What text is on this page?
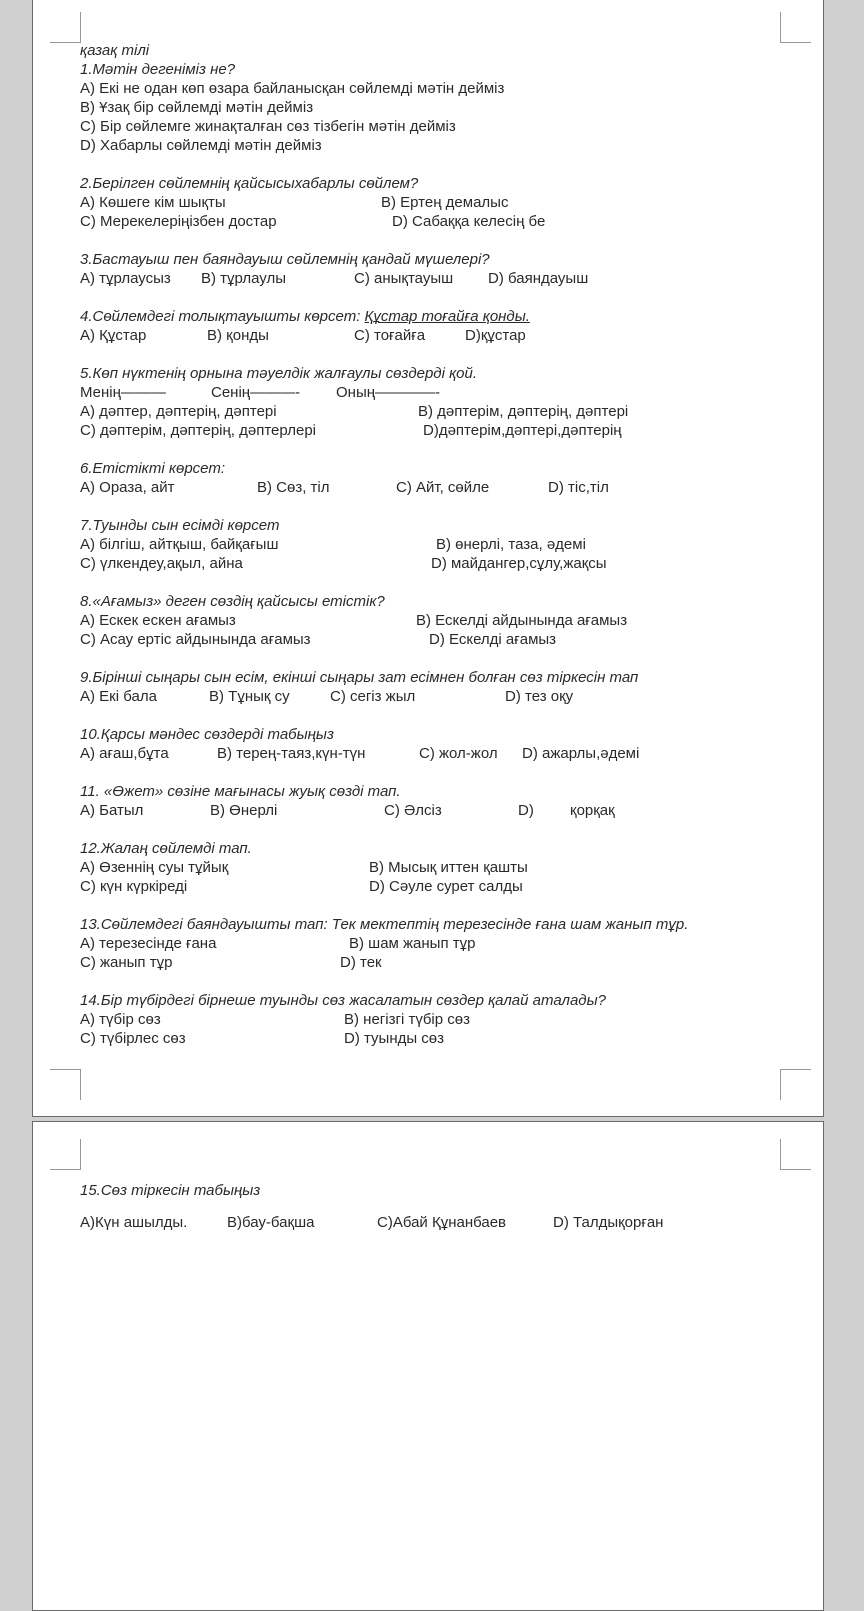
қазақ тілі
1.Мәтін дегеніміз не?
А) Екі не одан көп өзара байланысқан сөйлемді мәтін дейміз
В) Ұзақ бір сөйлемді мәтін дейміз
С) Бір сөйлемге жинақталған сөз тізбегін мәтін дейміз
D) Хабарлы сөйлемді мәтін дейміз
2.Берілген сөйлемнің қайсысыхабарлы сөйлем?
А) Көшеге кім шықты	В) Ертең демалыс
С) Мерекелеріңізбен достар	D) Сабаққа келесің бе
3.Бастауыш пен баяндауыш сөйлемнің қандай мүшелері?
А) тұрлаусыз В) тұрлаулы	С) анықтауыш D) баяндауыш
4.Сөйлемдегі толықтауышты көрсет: Құстар тоғайға қонды.
А) Құстар	В) қонды	С) тоғайға	D)құстар
5.Көп нүктенің орнына тәуелдік жалғаулы сөздерді қой.
Менің———	Сенің———- Оның————-
А) дәптер, дәптерің, дәптері	В) дәптерім, дәптерің, дәптері
С) дәптерім, дәптерің, дәптерлері	D)дәптерім,дәптері,дәптерің
6.Етістікті көрсет:
А) Ораза, айт	В) Сөз, тіл	С) Айт, сөйле	D) тіс,тіл
7.Туынды сын есімді көрсет
А) білгіш, айтқыш, байқағыш	В) өнерлі, таза, әдемі
С) үлкендеу,ақыл, айна	D) майдангер,сұлу,жақсы
8.«Ағамыз» деген сөздің қайсысы етістік?
А) Ескек ескен ағамыз	В) Ескелді айдынында ағамыз
С) Асау ертіс айдынында ағамыз	D) Ескелді ағамыз
9.Бірінші сыңары сын есім, екінші сыңары зат есімнен болған сөз тіркесін тап
А) Екі бала	В) Тұнық су	С) сегіз жыл	D) тез оқу
10.Қарсы мәндес сөздерді табыңыз
А) ағаш,бұта	В) терең-таяз,күн-түн	С) жол-жол D) ажарлы,әдемі
11. «Өжет» сөзіне мағынасы жуық сөзді тап.
А) Батыл	В) Өнерлі	С) Әлсіз	D) қорқақ
12.Жалаң сөйлемді тап.
А) Өзеннің суы тұйық	В) Мысық иттен қашты
С) күн күркіреді	D) Сәуле сурет салды
13.Сөйлемдегі баяндауышты тап: Тек мектептің терезесінде ғана шам жанып тұр.
А) терезесінде ғана	В) шам жанып тұр
С) жанып тұр	D) тек
14.Бір түбірдегі бірнеше туынды сөз жасалатын сөздер қалай аталады?
А) түбір сөз	В) негізгі түбір сөз
С) түбірлес сөз	D) туынды сөз
15.Сөз тіркесін табыңыз
А)Күн ашылды.	В)бау-бақша	С)Абай Құнанбаев	D) Талдықорған
